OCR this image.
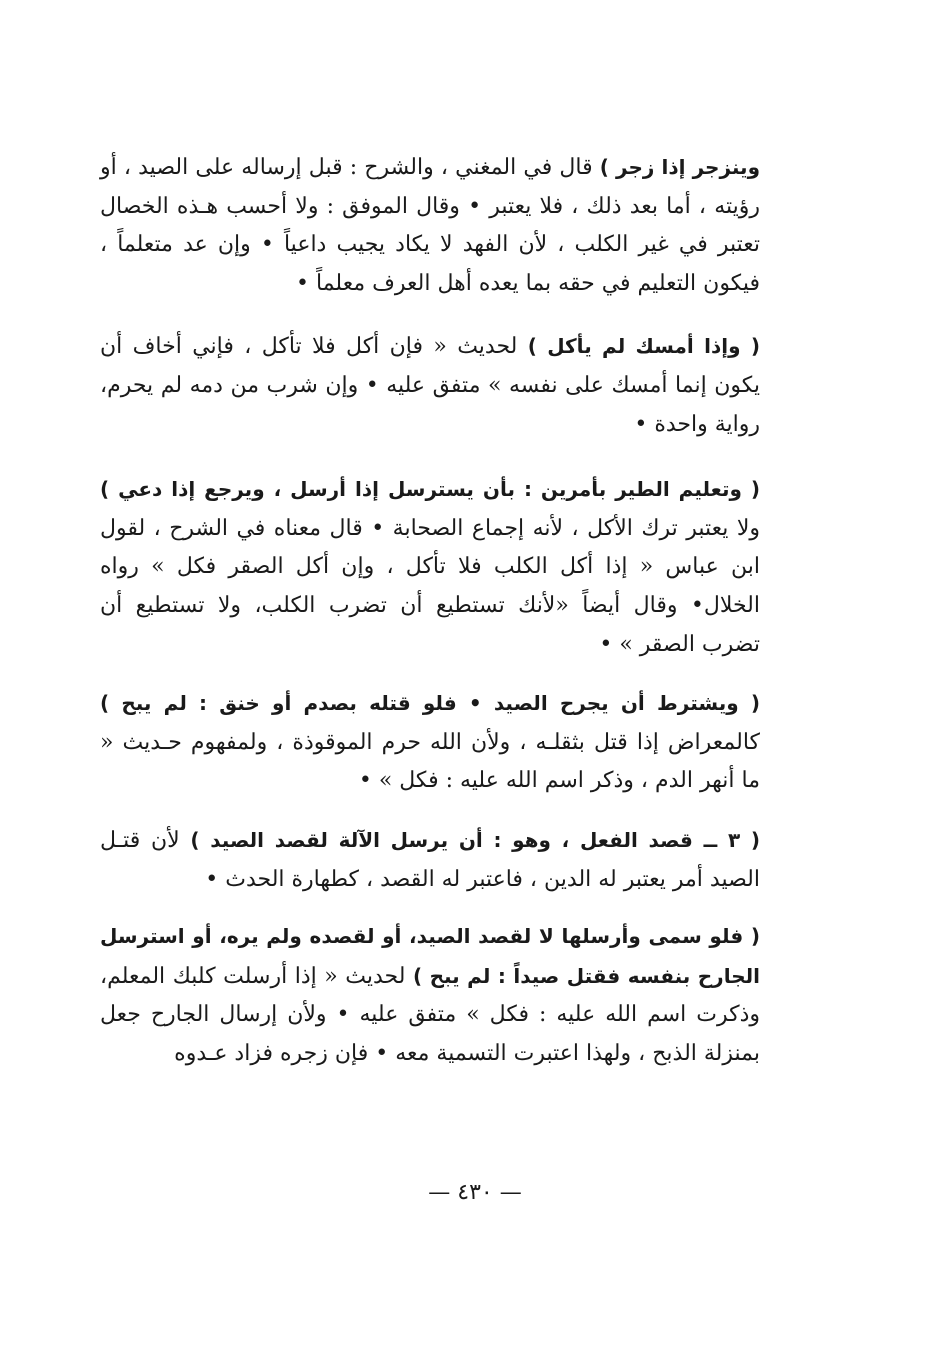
وينزجر إذا زجر ) قال في المغني ، والشرح : قبل إرساله على الصيد ، أو رؤيته ، أما بعد ذلك ، فلا يعتبر • وقال الموفق : ولا أحسب هـذه الخصال تعتبر في غير الكلب ، لأن الفهد لا يكاد يجيب داعياً • وإن عد متعلماً ، فيكون التعليم في حقه بما يعده أهل العرف معلماً •

( وإذا أمسك لم يأكل ) لحديث « فإن أكل فلا تأكل ، فإني أخاف أن يكون إنما أمسك على نفسه » متفق عليه • وإن شرب من دمه لم يحرم، رواية واحدة •

( وتعليم الطير بأمرين : بأن يسترسل إذا أرسل ، ويرجع إذا دعي ) ولا يعتبر ترك الأكل ، لأنه إجماع الصحابة • قال معناه في الشرح ، لقول ابن عباس « إذا أكل الكلب فلا تأكل ، وإن أكل الصقر فكل » رواه الخلال• وقال أيضاً «لأنك تستطيع أن تضرب الكلب، ولا تستطيع أن تضرب الصقر » •

( ويشترط أن يجرح الصيد • فلو قتله بصدم أو خنق : لم يبح ) كالمعراض إذا قتل بثقلـه ، ولأن الله حرم الموقوذة ، ولمفهوم حـديث « ما أنهر الدم ، وذكر اسم الله عليه : فكل » •

( ٣ ــ قصد الفعل ، وهو : أن يرسل الآلة لقصد الصيد ) لأن قتـل الصيد أمر يعتبر له الدين ، فاعتبر له القصد ، كطهارة الحدث •

( فلو سمى وأرسلها لا لقصد الصيد، أو لقصده ولم يره، أو استرسل الجارح بنفسه فقتل صيداً : لم يبح ) لحديث « إذا أرسلت كلبك المعلم، وذكرت اسم الله عليه : فكل » متفق عليه • ولأن إرسال الجارح جعل بمنزلة الذبح ، ولهذا اعتبرت التسمية معه • فإن زجره فزاد عـدوه

— ٤٣٠ —
